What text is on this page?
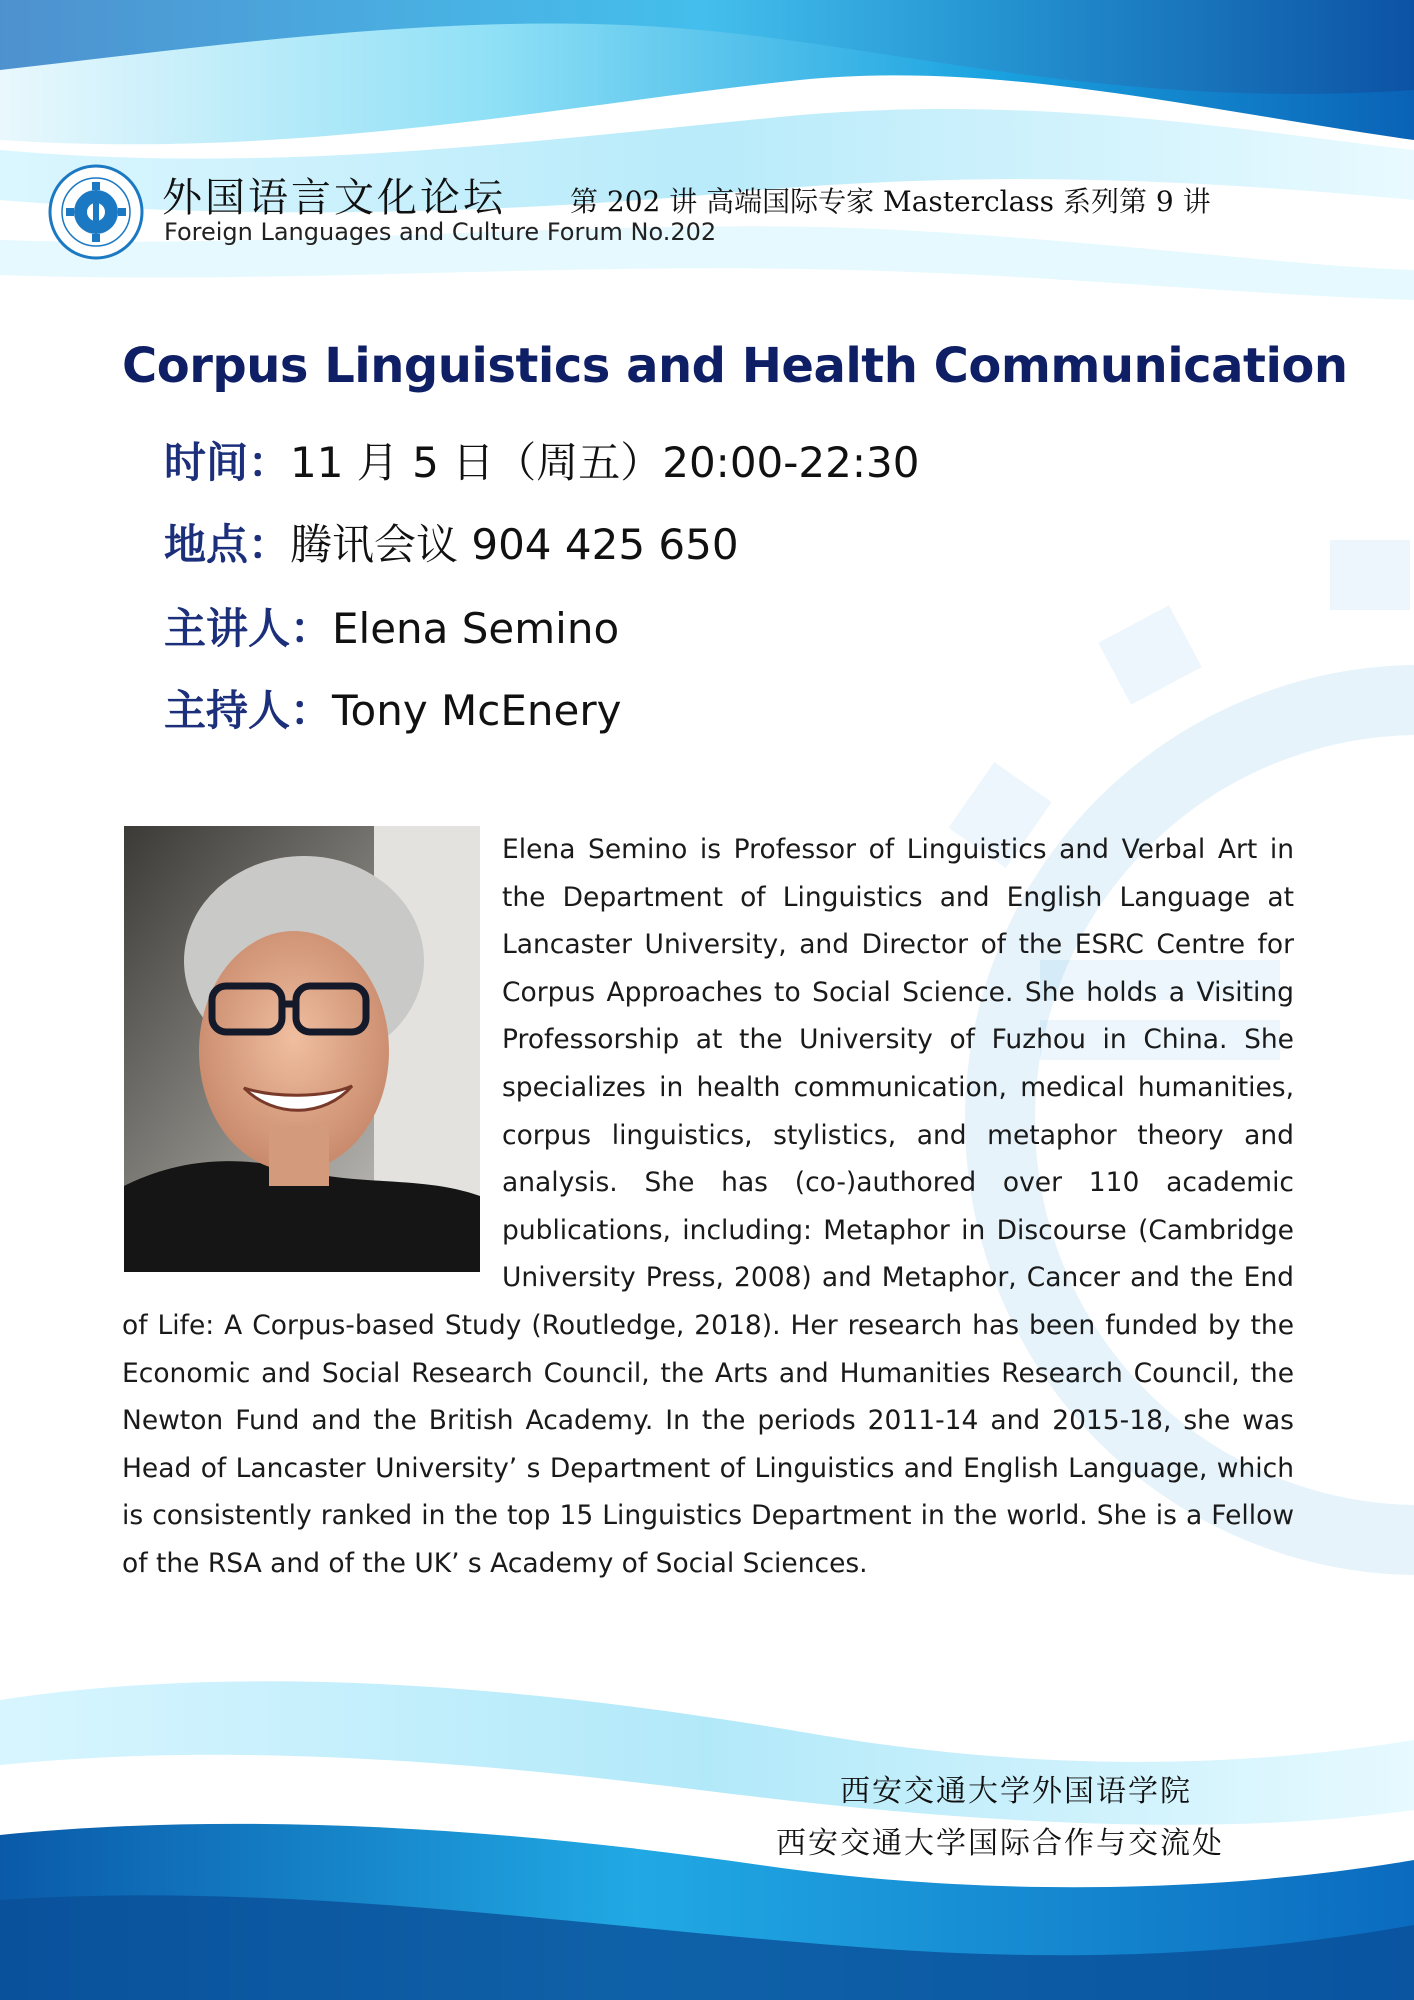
外国语言文化论坛 第 202 讲 高端国际专家 Masterclass 系列第 9 讲
Foreign Languages and Culture Forum No.202
Corpus Linguistics and Health Communication
时间：11 月 5 日（周五）20:00-22:30
地点：腾讯会议 904 425 650
主讲人：Elena Semino
主持人：Tony McEnery

Elena Semino is Professor of Linguistics and Verbal Art in the Department of Linguistics and English Language at Lancaster University, and Director of the ESRC Centre for Corpus Approaches to Social Science. She holds a Visiting Professorship at the University of Fuzhou in China. She specializes in health communication, medical humanities, corpus linguistics, stylistics, and metaphor theory and analysis. She has (co-)authored over 110 academic publications, including: Metaphor in Discourse (Cambridge University Press, 2008) and Metaphor, Cancer and the End of Life: A Corpus-based Study (Routledge, 2018). Her research has been funded by the Economic and Social Research Council, the Arts and Humanities Research Council, the Newton Fund and the British Academy. In the periods 2011-14 and 2015-18, she was Head of Lancaster University’ s Department of Linguistics and English Language, which is consistently ranked in the top 15 Linguistics Department in the world. She is a Fellow of the RSA and of the UK’ s Academy of Social Sciences.

西安交通大学外国语学院
西安交通大学国际合作与交流处
